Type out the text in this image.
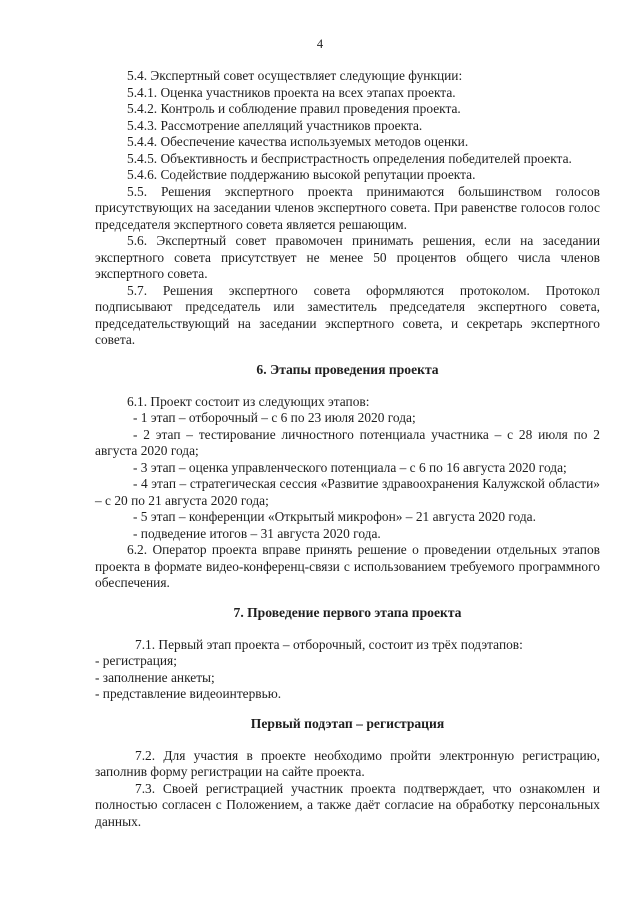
4

5.4. Экспертный совет осуществляет следующие функции:

5.4.1. Оценка участников проекта на всех этапах проекта.

5.4.2. Контроль и соблюдение правил проведения проекта.

5.4.3. Рассмотрение апелляций участников проекта.

5.4.4. Обеспечение качества используемых методов оценки.

5.4.5. Объективность и беспристрастность определения победителей проекта.

5.4.6. Содействие поддержанию высокой репутации проекта.

5.5. Решения экспертного проекта принимаются большинством голосов присутствующих на заседании членов экспертного совета. При равенстве голосов голос председателя экспертного совета является решающим.

5.6. Экспертный совет правомочен принимать решения, если на заседании экспертного совета присутствует не менее 50 процентов общего числа членов экспертного совета.

5.7. Решения экспертного совета оформляются протоколом. Протокол подписывают председатель или заместитель председателя экспертного совета, председательствующий на заседании экспертного совета, и секретарь экспертного совета.

6. Этапы проведения проекта

6.1. Проект состоит из следующих этапов:

- 1 этап – отборочный – с 6 по 23 июля 2020 года;

- 2 этап – тестирование личностного потенциала участника – с 28 июля по 2 августа 2020 года;

- 3 этап – оценка управленческого потенциала – с 6 по 16 августа 2020 года;

- 4 этап – стратегическая сессия «Развитие здравоохранения Калужской области» – с 20 по 21 августа 2020 года;

- 5 этап – конференции «Открытый микрофон» – 21 августа 2020 года.

- подведение итогов – 31 августа 2020 года.

6.2. Оператор проекта вправе принять решение о проведении отдельных этапов проекта в формате видео-конференц-связи с использованием требуемого программного обеспечения.

7. Проведение первого этапа проекта

7.1. Первый этап проекта – отборочный, состоит из трёх подэтапов:

- регистрация;

- заполнение анкеты;

- представление видеоинтервью.

Первый подэтап – регистрация

7.2. Для участия в проекте необходимо пройти электронную регистрацию, заполнив форму регистрации на сайте проекта.

7.3. Своей регистрацией участник проекта подтверждает, что ознакомлен и полностью согласен с Положением, а также даёт согласие на обработку персональных данных.
